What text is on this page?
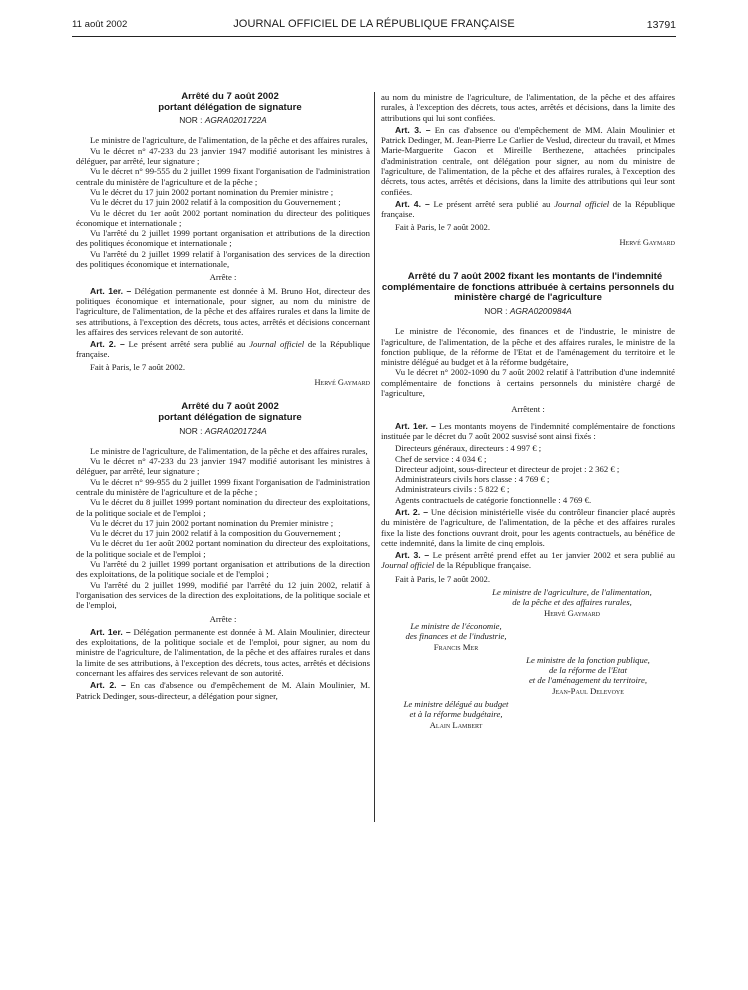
11 août 2002	JOURNAL OFFICIEL DE LA RÉPUBLIQUE FRANÇAISE	13791

Arrêté du 7 août 2002

portant délégation de signature

NOR : AGRA0201722A

Le ministre de l'agriculture, de l'alimentation, de la pêche et des affaires rurales,

Vu le décret n° 47-233 du 23 janvier 1947 modifié autorisant les ministres à déléguer, par arrêté, leur signature ;

Vu le décret n° 99-555 du 2 juillet 1999 fixant l'organisation de l'administration centrale du ministère de l'agriculture et de la pêche ;

Vu le décret du 17 juin 2002 portant nomination du Premier ministre ;

Vu le décret du 17 juin 2002 relatif à la composition du Gouvernement ;

Vu le décret du 1er août 2002 portant nomination du directeur des politiques économique et internationale ;

Vu l'arrêté du 2 juillet 1999 portant organisation et attributions de la direction des politiques économique et internationale ;

Vu l'arrêté du 2 juillet 1999 relatif à l'organisation des services de la direction des politiques économique et internationale,

Arrête :

Art. 1er. – Délégation permanente est donnée à M. Bruno Hot, directeur des politiques économique et internationale, pour signer, au nom du ministre de l'agriculture, de l'alimentation, de la pêche et des affaires rurales et dans la limite de ses attributions, à l'exception des décrets, tous actes, arrêtés et décisions concernant les affaires des services relevant de son autorité.

Art. 2. – Le présent arrêté sera publié au Journal officiel de la République française.

Fait à Paris, le 7 août 2002.

Hervé Gaymard

Arrêté du 7 août 2002

portant délégation de signature

NOR : AGRA0201724A

Le ministre de l'agriculture, de l'alimentation, de la pêche et des affaires rurales,

Vu le décret n° 47-233 du 23 janvier 1947 modifié autorisant les ministres à déléguer, par arrêté, leur signature ;

Vu le décret n° 99-955 du 2 juillet 1999 fixant l'organisation de l'administration centrale du ministère de l'agriculture et de la pêche ;

Vu le décret du 8 juillet 1999 portant nomination du directeur des exploitations, de la politique sociale et de l'emploi ;

Vu le décret du 17 juin 2002 portant nomination du Premier ministre ;

Vu le décret du 17 juin 2002 relatif à la composition du Gouvernement ;

Vu le décret du 1er août 2002 portant nomination du directeur des exploitations, de la politique sociale et de l'emploi ;

Vu l'arrêté du 2 juillet 1999 portant organisation et attributions de la direction des exploitations, de la politique sociale et de l'emploi ;

Vu l'arrêté du 2 juillet 1999, modifié par l'arrêté du 12 juin 2002, relatif à l'organisation des services de la direction des exploitations, de la politique sociale et de l'emploi,

Arrête :

Art. 1er. – Délégation permanente est donnée à M. Alain Moulinier, directeur des exploitations, de la politique sociale et de l'emploi, pour signer, au nom du ministre de l'agriculture, de l'alimentation, de la pêche et des affaires rurales et dans la limite de ses attributions, à l'exception des décrets, tous actes, arrêtés et décisions concernant les affaires des services relevant de son autorité.

Art. 2. – En cas d'absence ou d'empêchement de M. Alain Moulinier, M. Patrick Dedinger, sous-directeur, a délégation pour signer,

au nom du ministre de l'agriculture, de l'alimentation, de la pêche et des affaires rurales, à l'exception des décrets, tous actes, arrêtés et décisions, dans la limite des attributions qui lui sont confiées.

Art. 3. – En cas d'absence ou d'empêchement de MM. Alain Moulinier et Patrick Dedinger, M. Jean-Pierre Le Carlier de Veslud, directeur du travail, et Mmes Marie-Marguerite Gacon et Mireille Berthezene, attachées principales d'administration centrale, ont délégation pour signer, au nom du ministre de l'agriculture, de l'alimentation, de la pêche et des affaires rurales, à l'exception des décrets, tous actes, arrêtés et décisions, dans la limite des attributions qui leur sont confiées.

Art. 4. – Le présent arrêté sera publié au Journal officiel de la République française.

Fait à Paris, le 7 août 2002.

Hervé Gaymard

Arrêté du 7 août 2002 fixant les montants de l'indemnité complémentaire de fonctions attribuée à certains personnels du ministère chargé de l'agriculture

NOR : AGRA0200984A

Le ministre de l'économie, des finances et de l'industrie, le ministre de l'agriculture, de l'alimentation, de la pêche et des affaires rurales, le ministre de la fonction publique, de la réforme de l'Etat et de l'aménagement du territoire et le ministre délégué au budget et à la réforme budgétaire,

Vu le décret n° 2002-1090 du 7 août 2002 relatif à l'attribution d'une indemnité complémentaire de fonctions à certains personnels du ministère chargé de l'agriculture,

Arrêtent :

Art. 1er. – Les montants moyens de l'indemnité complémentaire de fonctions instituée par le décret du 7 août 2002 susvisé sont ainsi fixés :

Directeurs généraux, directeurs : 4 997 € ;

Chef de service : 4 034 € ;

Directeur adjoint, sous-directeur et directeur de projet : 2 362 € ;

Administrateurs civils hors classe : 4 769 € ;

Administrateurs civils : 5 822 € ;

Agents contractuels de catégorie fonctionnelle : 4 769 €.

Art. 2. – Une décision ministérielle visée du contrôleur financier placé auprès du ministère de l'agriculture, de l'alimentation, de la pêche et des affaires rurales fixe la liste des fonctions ouvrant droit, pour les agents contractuels, au bénéfice de cette indemnité, dans la limite de cinq emplois.

Art. 3. – Le présent arrêté prend effet au 1er janvier 2002 et sera publié au Journal officiel de la République française.

Fait à Paris, le 7 août 2002.

Le ministre de l'agriculture, de l'alimentation,
de la pêche et des affaires rurales,
Hervé Gaymard
Le ministre de l'économie,
des finances et de l'industrie,
Francis Mer
Le ministre de la fonction publique,
de la réforme de l'Etat
et de l'aménagement du territoire,
Jean-Paul Delevoye
Le ministre délégué au budget
et à la réforme budgétaire,
Alain Lambert
